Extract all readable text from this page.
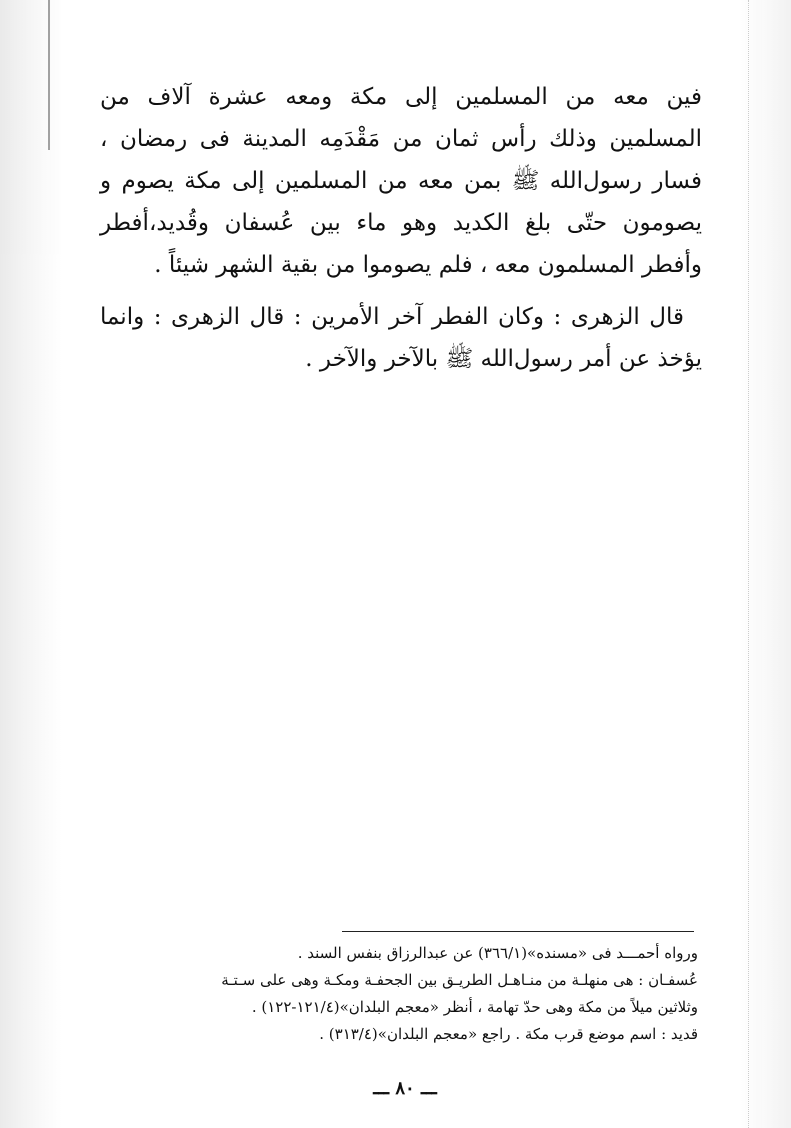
فين معه من المسلمين إلى مكة ومعه عشرة آلاف من المسلمين وذلك رأس ثمان من مَقْدَمِه المدينة فى رمضان ، فسار رسول‌الله ﷺ بمن معه من المسلمين إلى مكة يصوم و يصومون حتّى بلغ الكديد وهو ماء بين عُسفان وقُديد،أفطر وأفطر المسلمون معه ، فلم يصوموا من بقية الشهر شيئاً .

قال الزهرى : وكان الفطر آخر الأمرين : قال الزهرى : وانما يؤخذ عن أمر رسول‌الله ﷺ بالآخر والآخر .

ورواه أحمـــد فى «مسنده»(٣٦٦/١) عن عبدالرزاق بنفس السند .
عُسفـان : هى منهلـة من منـاهـل الطريـق بين الجحفـة ومكـة وهى على سـتـة
وثلاثين ميلاً من مكة وهى حدّ تهامة ، أنظر «معجم البلدان»(١٢١/٤-١٢٢) .
قديد : اسم موضع قرب مكة . راجع «معجم البلدان»(٣١٣/٤) .
ـــ ٨٠ ـــ
